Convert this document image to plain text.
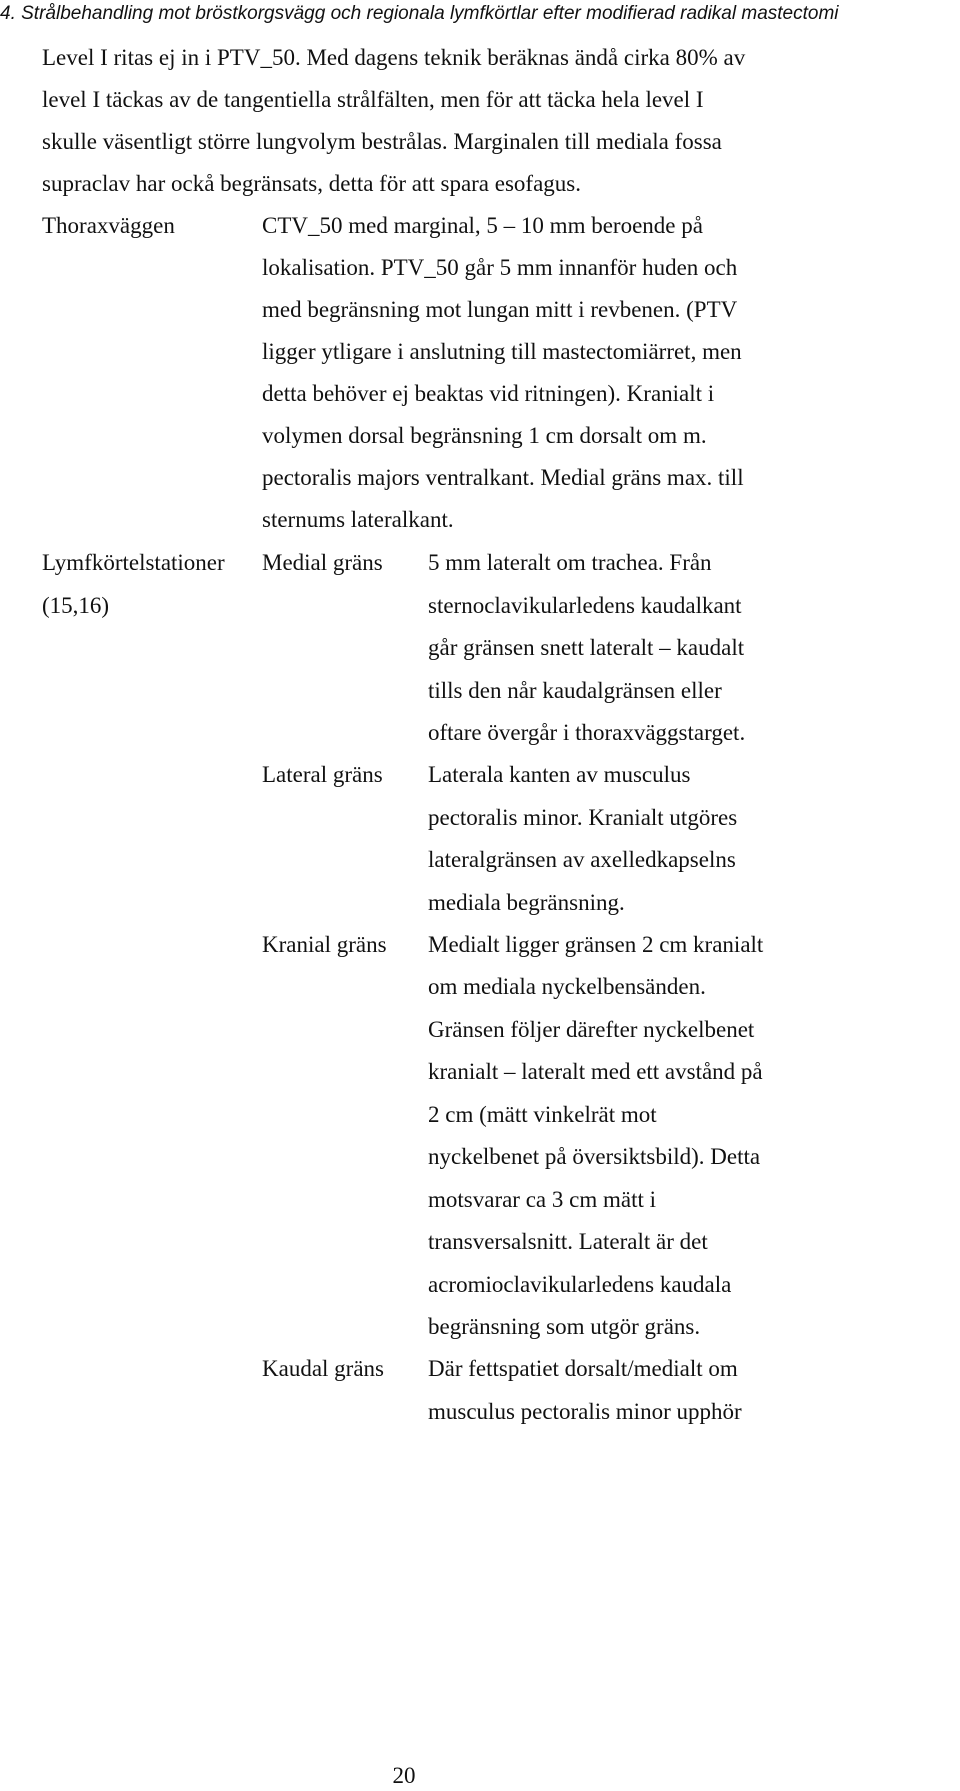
4. Strålbehandling mot bröstkorgsvägg och regionala lymfkörtlar efter modifierad radikal mastectomi
Level I ritas ej in i PTV_50. Med dagens teknik beräknas ändå cirka 80% av
level I täckas av de tangentiella strålfälten, men för att täcka hela level I
skulle väsentligt större lungvolym bestrålas. Marginalen till mediala fossa
supraclav har ockå begränsats, detta för att spara esofagus.
Thoraxväggen	CTV_50 med marginal, 5 – 10 mm beroende på
lokalisation. PTV_50 går 5 mm innanför huden och
med begränsning mot lungan mitt i revbenen. (PTV
ligger ytligare i anslutning till mastectomiärret, men
detta behöver ej beaktas vid ritningen). Kranialt i
volymen dorsal begränsning 1 cm dorsalt om m.
pectoralis majors ventralkant. Medial gräns max. till
sternums lateralkant.
Lymfkörtelstationer
(15,16)
Medial gräns 5 mm lateralt om trachea. Från
sternoclavikularledens kaudalkant
går gränsen snett lateralt – kaudalt
tills den når kaudalgränsen eller
oftare övergår i thoraxväggstarget.
Lateral gräns Laterala kanten av musculus
pectoralis minor. Kranialt utgöres
lateralgränsen av axelledkapselns
mediala begränsning.
Kranial gräns Medialt ligger gränsen 2 cm kranialt
om mediala nyckelbensänden.
Gränsen följer därefter nyckelbenet
kranialt – lateralt med ett avstånd på
2 cm (mätt vinkelrät mot
nyckelbenet på översiktsbild). Detta
motsvarar ca 3 cm mätt i
transversalsnitt. Lateralt är det
acromioclavikularledens kaudala
begränsning som utgör gräns.
Kaudal gräns Där fettspatiet dorsalt/medialt om
musculus pectoralis minor upphör
20
